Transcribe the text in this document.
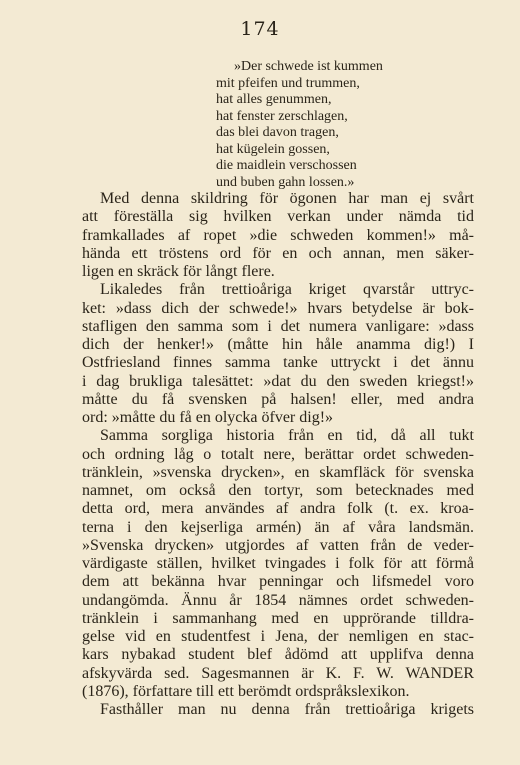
174
»Der schwede ist kummen
mit pfeifen und trummen,
hat alles genummen,
hat fenster zerschlagen,
das blei davon tragen,
hat kügelein gossen,
die maidlein verschossen
und buben gahn lossen.»
Med denna skildring för ögonen har man ej svårt
att föreställa sig hvilken verkan under nämda tid
framkallades af ropet »die schweden kommen!» må-
hända ett tröstens ord för en och annan, men säker-
ligen en skräck för långt flere.
Likaledes från trettioåriga kriget qvarstår uttryc-
ket: »dass dich der schwede!» hvars betydelse är bok-
stafligen den samma som i det numera vanligare: »dass
dich der henker!» (måtte hin håle anamma dig!) I
Ostfriesland finnes samma tanke uttryckt i det ännu
i dag brukliga talesättet: »dat du den sweden kriegst!»
måtte du få svensken på halsen! eller, med andra
ord: »måtte du få en olycka öfver dig!»
Samma sorgliga historia från en tid, då all tukt
och ordning låg o totalt nere, berättar ordet schweden-
tränklein, »svenska drycken», en skamfläck för svenska
namnet, om också den tortyr, som betecknades med
detta ord, mera användes af andra folk (t. ex. kroa-
terna i den kejserliga armén) än af våra landsmän.
»Svenska drycken» utgjordes af vatten från de veder-
värdigaste ställen, hvilket tvingades i folk för att förmå
dem att bekänna hvar penningar och lifsmedel voro
undangömda. Ännu år 1854 nämnes ordet schweden-
tränklein i sammanhang med en upprörande tilldra-
gelse vid en studentfest i Jena, der nemligen en stac-
kars nybakad student blef ådömd att upplifva denna
afskyvärda sed. Sagesmannen är K. F. W. WANDER
(1876), författare till ett berömdt ordspråkslexikon.
Fasthåller man nu denna från trettioåriga krigets
